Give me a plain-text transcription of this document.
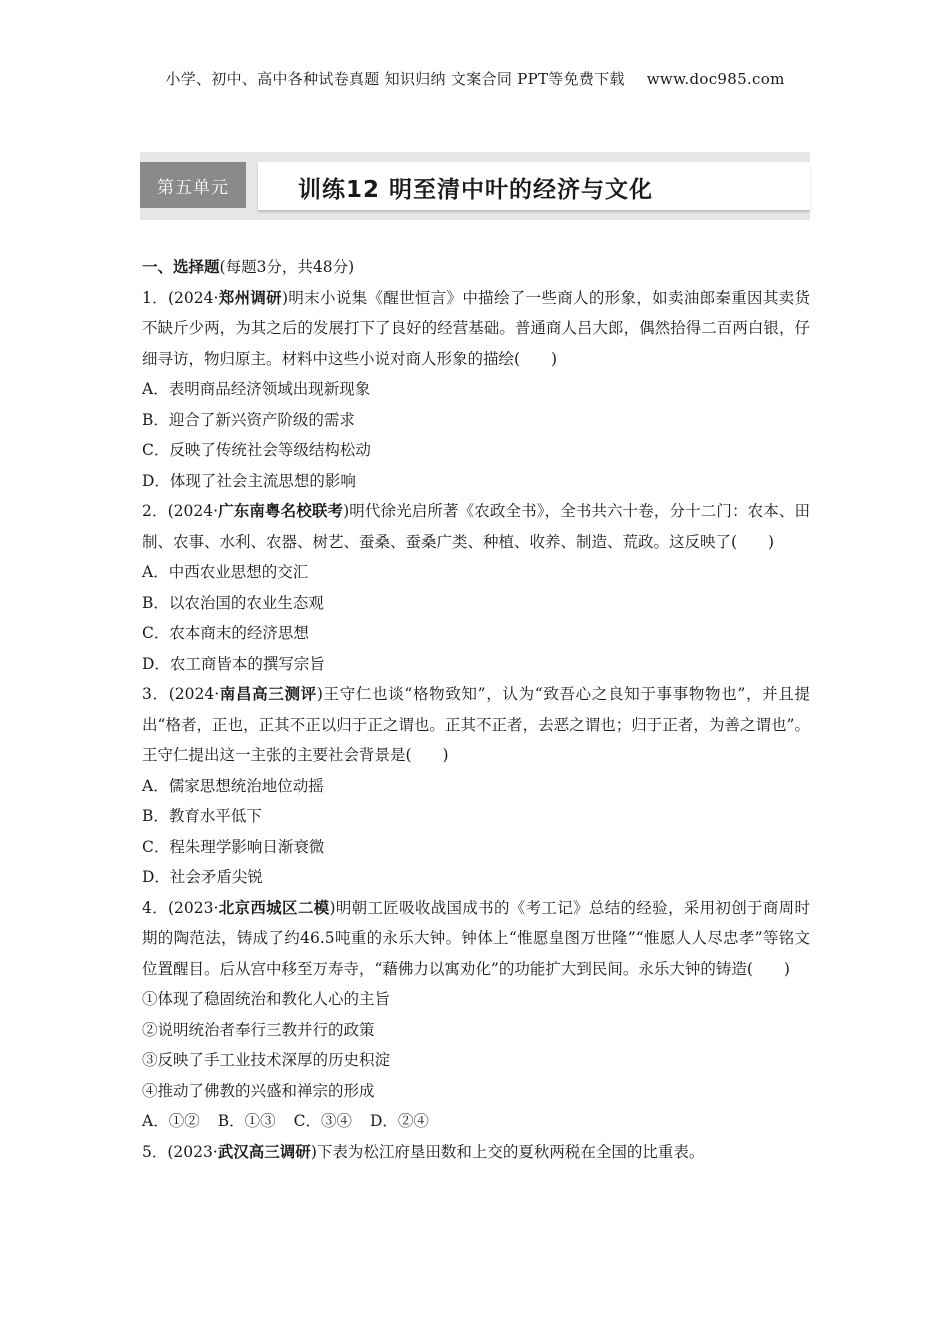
小学、初中、高中各种试卷真题 知识归纳 文案合同 PPT等免费下载 www.doc985.com
第五单元	训练12 明至清中叶的经济与文化
一、选择题(每题3分，共48分)
1．(2024·郑州调研)明末小说集《醒世恒言》中描绘了一些商人的形象，如卖油郎秦重因其卖货不缺斤少两，为其之后的发展打下了良好的经营基础。普通商人吕大郎，偶然拾得二百两白银，仔细寻访，物归原主。材料中这些小说对商人形象的描绘(　　)
A．表明商品经济领域出现新现象
B．迎合了新兴资产阶级的需求
C．反映了传统社会等级结构松动
D．体现了社会主流思想的影响
2．(2024·广东南粤名校联考)明代徐光启所著《农政全书》，全书共六十卷，分十二门：农本、田制、农事、水利、农器、树艺、蚕桑、蚕桑广类、种植、收养、制造、荒政。这反映了(　　)
A．中西农业思想的交汇
B．以农治国的农业生态观
C．农本商末的经济思想
D．农工商皆本的撰写宗旨
3．(2024·南昌高三测评)王守仁也谈“格物致知”，认为“致吾心之良知于事事物物也”，并且提出“格者，正也，正其不正以归于正之谓也。正其不正者，去恶之谓也；归于正者，为善之谓也”。王守仁提出这一主张的主要社会背景是(　　)
A．儒家思想统治地位动摇
B．教育水平低下
C．程朱理学影响日渐衰微
D．社会矛盾尖锐
4．(2023·北京西城区二模)明朝工匠吸收战国成书的《考工记》总结的经验，采用初创于商周时期的陶范法，铸成了约46.5吨重的永乐大钟。钟体上“惟愿皇图万世隆”“惟愿人人尽忠孝”等铭文位置醒目。后从宫中移至万寿寺，“藉佛力以寓劝化”的功能扩大到民间。永乐大钟的铸造(　　)
①体现了稳固统治和教化人心的主旨
②说明统治者奉行三教并行的政策
③反映了手工业技术深厚的历史积淀
④推动了佛教的兴盛和禅宗的形成
A．①② B．①③ C．③④ D．②④
5．(2023·武汉高三调研)下表为松江府垦田数和上交的夏秋两税在全国的比重表。
